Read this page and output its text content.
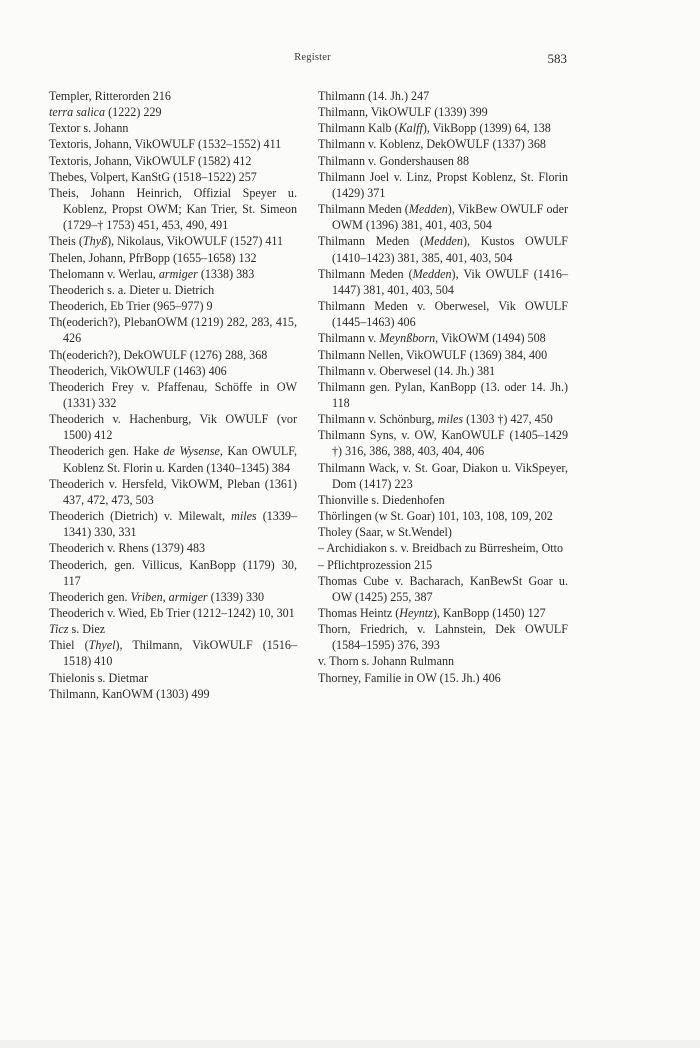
Register	583

Templer, Ritterorden 216

terra salica (1222) 229

Textor s. Johann

Textoris, Johann, VikOWULF (1532–1552) 411

Textoris, Johann, VikOWULF (1582) 412

Thebes, Volpert, KanStG (1518–1522) 257

Theis, Johann Heinrich, Offizial Speyer u. Koblenz, Propst OWM; Kan Trier, St. Simeon (1729–† 1753) 451, 453, 490, 491

Theis (Thyß), Nikolaus, VikOWULF (1527) 411

Thelen, Johann, PfrBopp (1655–1658) 132

Thelomann v. Werlau, armiger (1338) 383

Theoderich s. a. Dieter u. Dietrich

Theoderich, Eb Trier (965–977) 9

Th(eoderich?), PlebanOWM (1219) 282, 283, 415, 426

Th(eoderich?), DekOWULF (1276) 288, 368

Theoderich, VikOWULF (1463) 406

Theoderich Frey v. Pfaffenau, Schöffe in OW (1331) 332

Theoderich v. Hachenburg, Vik OWULF (vor 1500) 412

Theoderich gen. Hake de Wysense, Kan OWULF, Koblenz St. Florin u. Karden (1340–1345) 384

Theoderich v. Hersfeld, VikOWM, Pleban (1361) 437, 472, 473, 503

Theoderich (Dietrich) v. Milewalt, miles (1339–1341) 330, 331

Theoderich v. Rhens (1379) 483

Theoderich, gen. Villicus, KanBopp (1179) 30, 117

Theoderich gen. Vriben, armiger (1339) 330

Theoderich v. Wied, Eb Trier (1212–1242) 10, 301

Ticz s. Diez

Thiel (Thyel), Thilmann, VikOWULF (1516–1518) 410

Thielonis s. Dietmar

Thilmann, KanOWM (1303) 499

Thilmann (14. Jh.) 247

Thilmann, VikOWULF (1339) 399

Thilmann Kalb (Kalff), VikBopp (1399) 64, 138

Thilmann v. Koblenz, DekOWULF (1337) 368

Thilmann v. Gondershausen 88

Thilmann Joel v. Linz, Propst Koblenz, St. Florin (1429) 371

Thilmann Meden (Medden), VikBew OWULF oder OWM (1396) 381, 401, 403, 504

Thilmann Meden (Medden), Kustos OWULF (1410–1423) 381, 385, 401, 403, 504

Thilmann Meden (Medden), Vik OWULF (1416–1447) 381, 401, 403, 504

Thilmann Meden v. Oberwesel, Vik OWULF (1445–1463) 406

Thilmann v. Meynßborn, VikOWM (1494) 508

Thilmann Nellen, VikOWULF (1369) 384, 400

Thilmann v. Oberwesel (14. Jh.) 381

Thilmann gen. Pylan, KanBopp (13. oder 14. Jh.) 118

Thilmann v. Schönburg, miles (1303 †) 427, 450

Thilmann Syns, v. OW, KanOWULF (1405–1429 †) 316, 386, 388, 403, 404, 406

Thilmann Wack, v. St. Goar, Diakon u. VikSpeyer, Dom (1417) 223

Thionville s. Diedenhofen

Thörlingen (w St. Goar) 101, 103, 108, 109, 202

Tholey (Saar, w St.Wendel)

– Archidiakon s. v. Breidbach zu Bürresheim, Otto

– Pflichtprozession 215

Thomas Cube v. Bacharach, KanBewSt Goar u. OW (1425) 255, 387

Thomas Heintz (Heyntz), KanBopp (1450) 127

Thorn, Friedrich, v. Lahnstein, Dek OWULF (1584–1595) 376, 393

v. Thorn s. Johann Rulmann

Thorney, Familie in OW (15. Jh.) 406
